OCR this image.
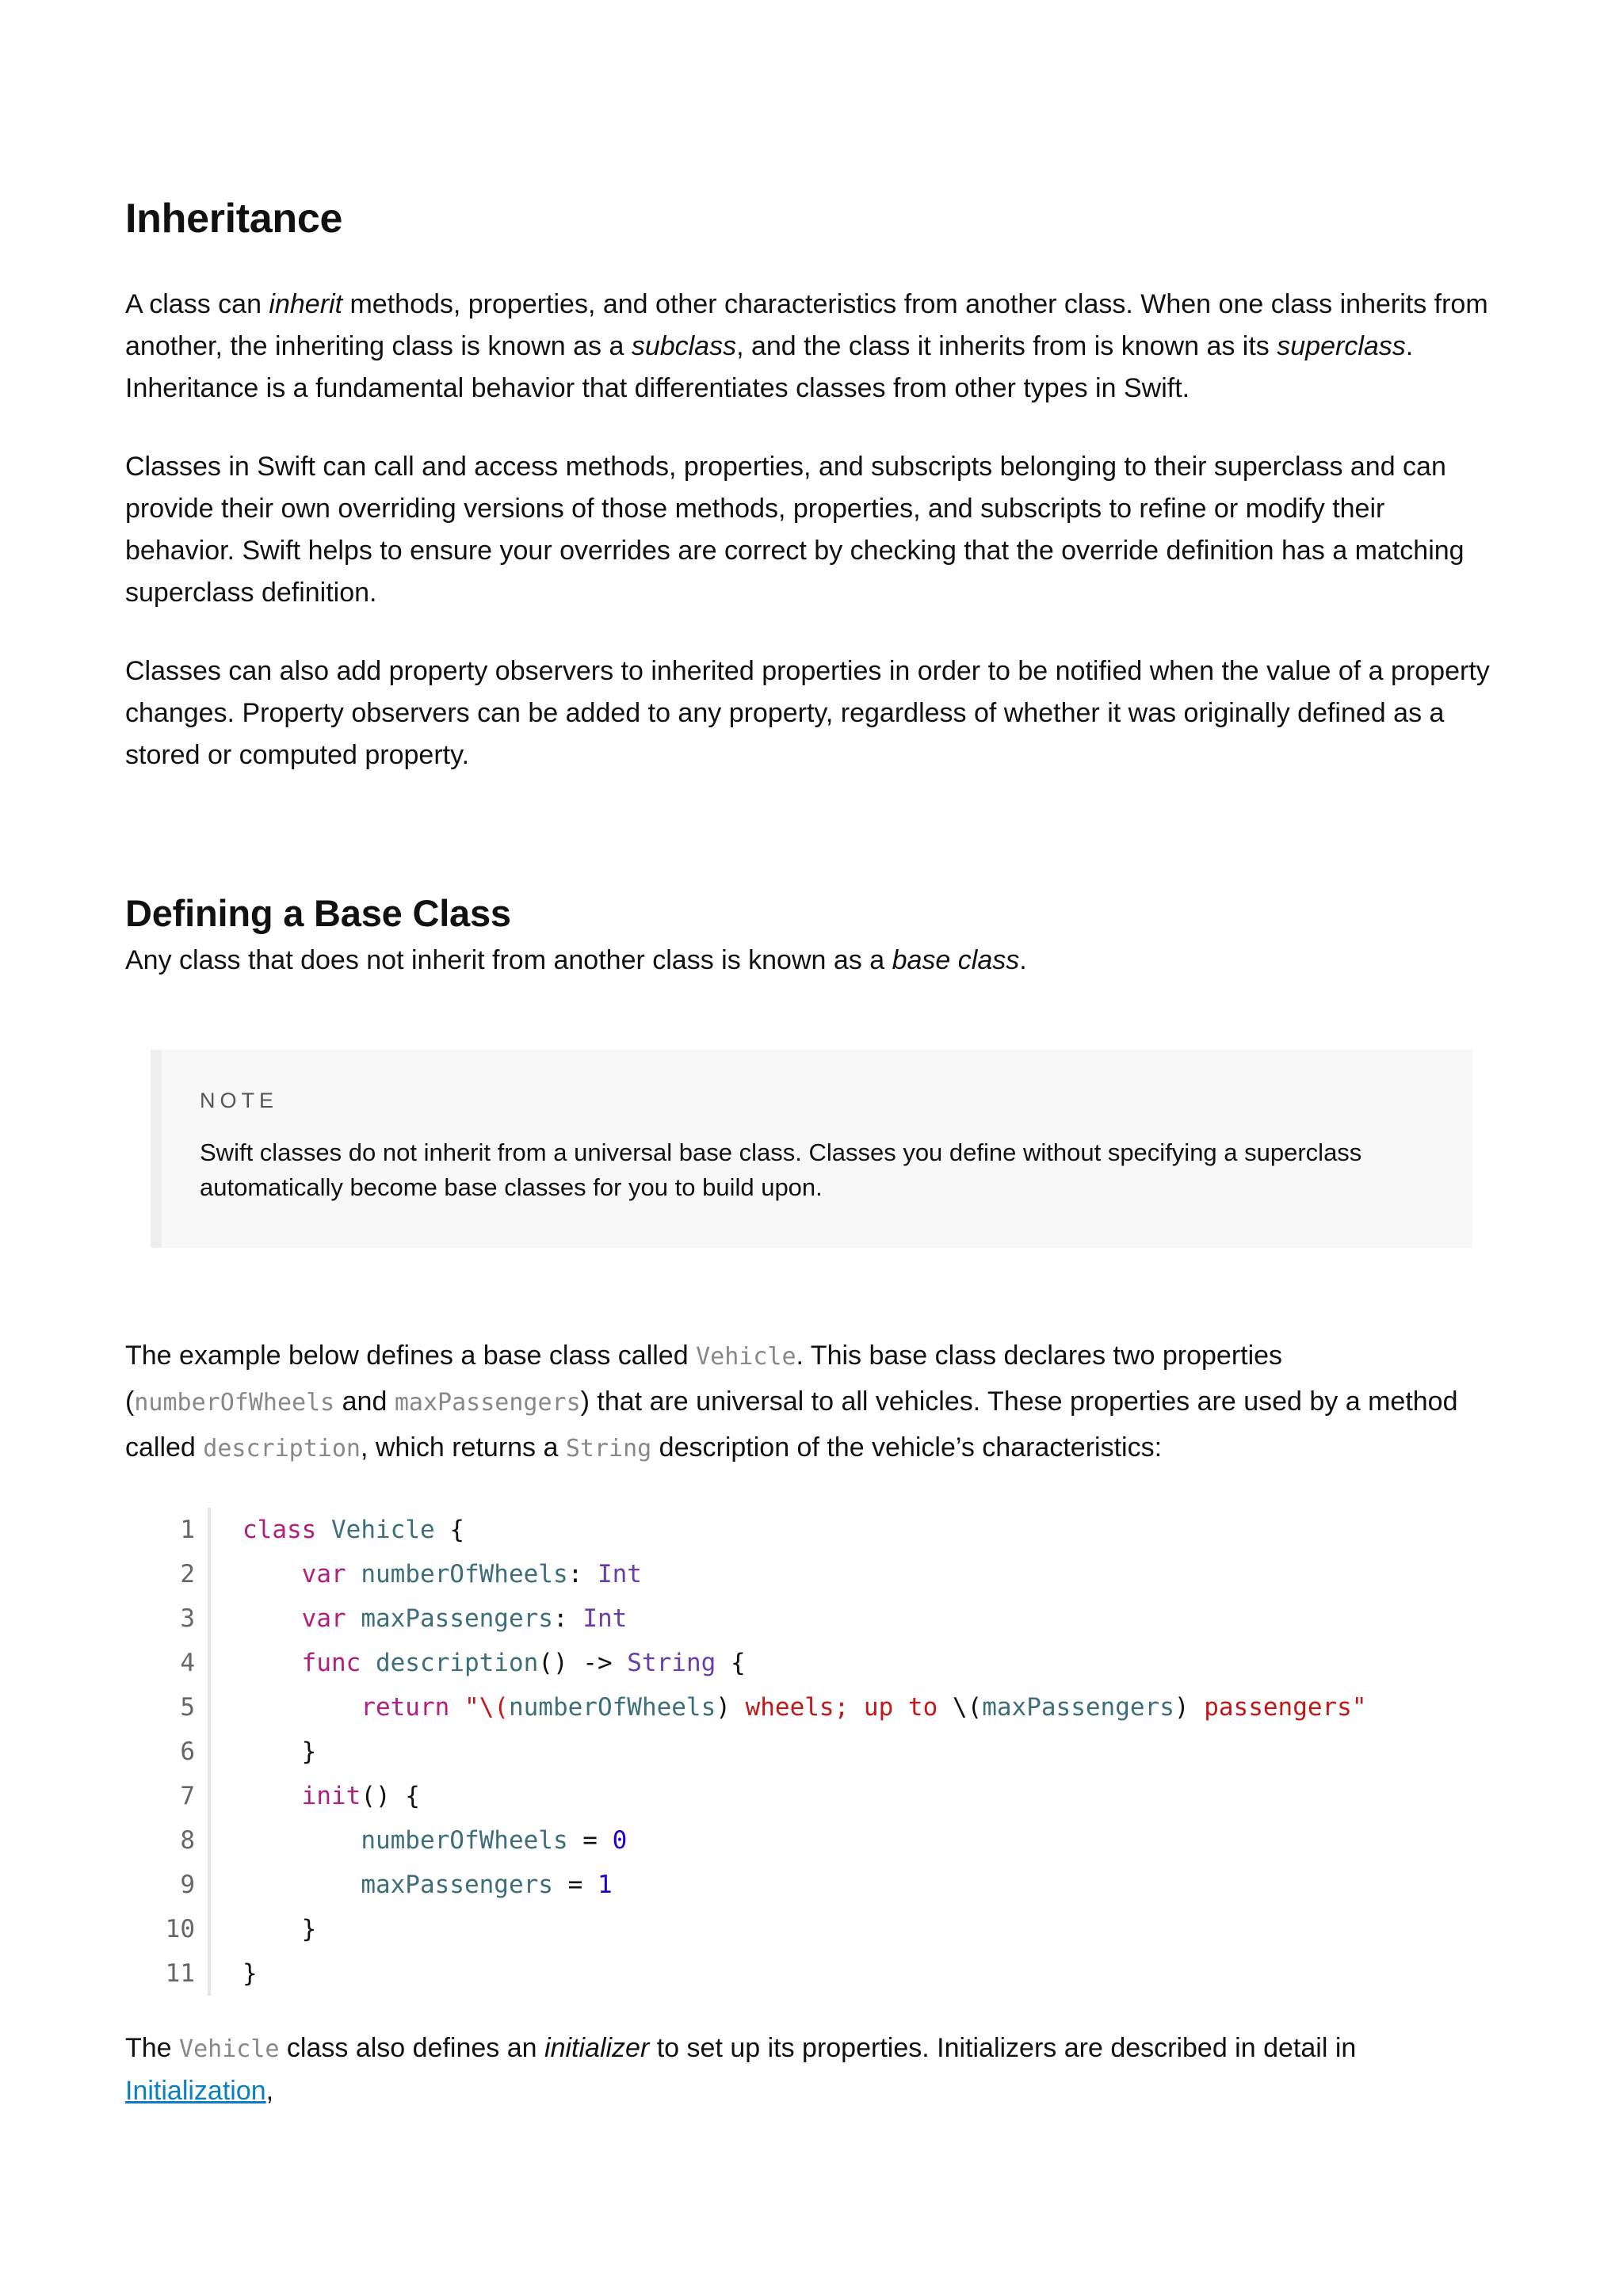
Inheritance

A class can inherit methods, properties, and other characteristics from another class. When one class inherits from another, the inheriting class is known as a subclass, and the class it inherits from is known as its superclass. Inheritance is a fundamental behavior that differentiates classes from other types in Swift.

Classes in Swift can call and access methods, properties, and subscripts belonging to their superclass and can provide their own overriding versions of those methods, properties, and subscripts to refine or modify their behavior. Swift helps to ensure your overrides are correct by checking that the override definition has a matching superclass definition.

Classes can also add property observers to inherited properties in order to be notified when the value of a property changes. Property observers can be added to any property, regardless of whether it was originally defined as a stored or computed property.

Defining a Base Class

Any class that does not inherit from another class is known as a base class.

NOTE
Swift classes do not inherit from a universal base class. Classes you define without specifying a superclass automatically become base classes for you to build upon.

The example below defines a base class called Vehicle. This base class declares two properties (numberOfWheels and maxPassengers) that are universal to all vehicles. These properties are used by a method called description, which returns a String description of the vehicle’s characteristics:

1
2
3
4
5
6
7
8
9
10
11
class Vehicle {
var numberOfWheels: Int
var maxPassengers: Int
func description() -> String {
return "\(numberOfWheels) wheels; up to \(maxPassengers) passengers"
}
init() {
numberOfWheels = 0
maxPassengers = 1
}
}

The Vehicle class also defines an initializer to set up its properties. Initializers are described in detail in Initialization,
